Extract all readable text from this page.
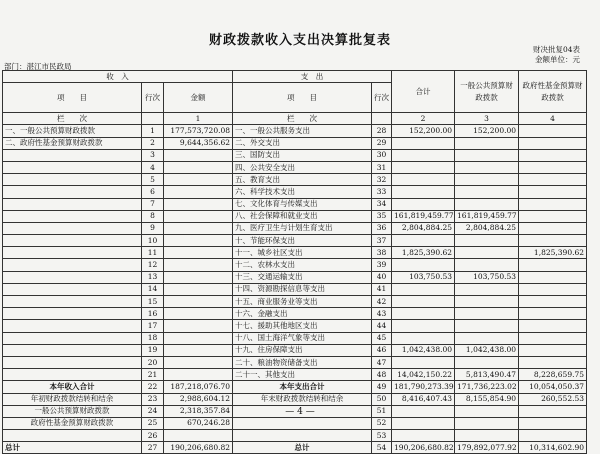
财政拨款收入支出决算批复表
财决批复04表
金额单位：元
部门：湛江市民政局
收　入			支　出		合计	一般公共预算财政拨款	政府性基金预算财政拨款
项　　目	行次	金额	项　　目	行次			
栏　　次		1	栏　　次		2	3	4
一、一般公共预算财政拨款	1	177,573,720.08	一、一般公共服务支出	28	152,200.00	152,200.00	
二、政府性基金预算财政拨款	2	9,644,356.62	二、外交支出	29			
	3		三、国防支出	30			
	4		四、公共安全支出	31			
	5		五、教育支出	32			
	6		六、科学技术支出	33			
	7		七、文化体育与传媒支出	34			
	8		八、社会保障和就业支出	35	161,819,459.77	161,819,459.77	
	9		九、医疗卫生与计划生育支出	36	2,804,884.25	2,804,884.25	
	10		十、节能环保支出	37			
	11		十一、城乡社区支出	38	1,825,390.62		1,825,390.62
	12		十二、农林水支出	39			
	13		十三、交通运输支出	40	103,750.53	103,750.53	
	14		十四、资源勘探信息等支出	41			
	15		十五、商业服务业等支出	42			
	16		十六、金融支出	43			
	17		十七、援助其他地区支出	44			
	18		十八、国土海洋气象等支出	45			
	19		十九、住房保障支出	46	1,042,438.00	1,042,438.00	
	20		二十、粮油物资储备支出	47			
	21		二十一、其他支出	48	14,042,150.22	5,813,490.47	8,228,659.75
本年收入合计	22	187,218,076.70	本年支出合计	49	181,790,273.39	171,736,223.02	10,054,050.37
年初财政拨款结转和结余	23	2,988,604.12	年末财政拨款结转和结余	50	8,416,407.43	8,155,854.90	260,552.53
一般公共预算财政拨款	24	2,318,357.84		51			
政府性基金预算财政拨款	25	670,246.28		52			
	26			53			
总计	27	190,206,680.82	总计	54	190,206,680.82	179,892,077.92	10,314,602.90
— 4 —
